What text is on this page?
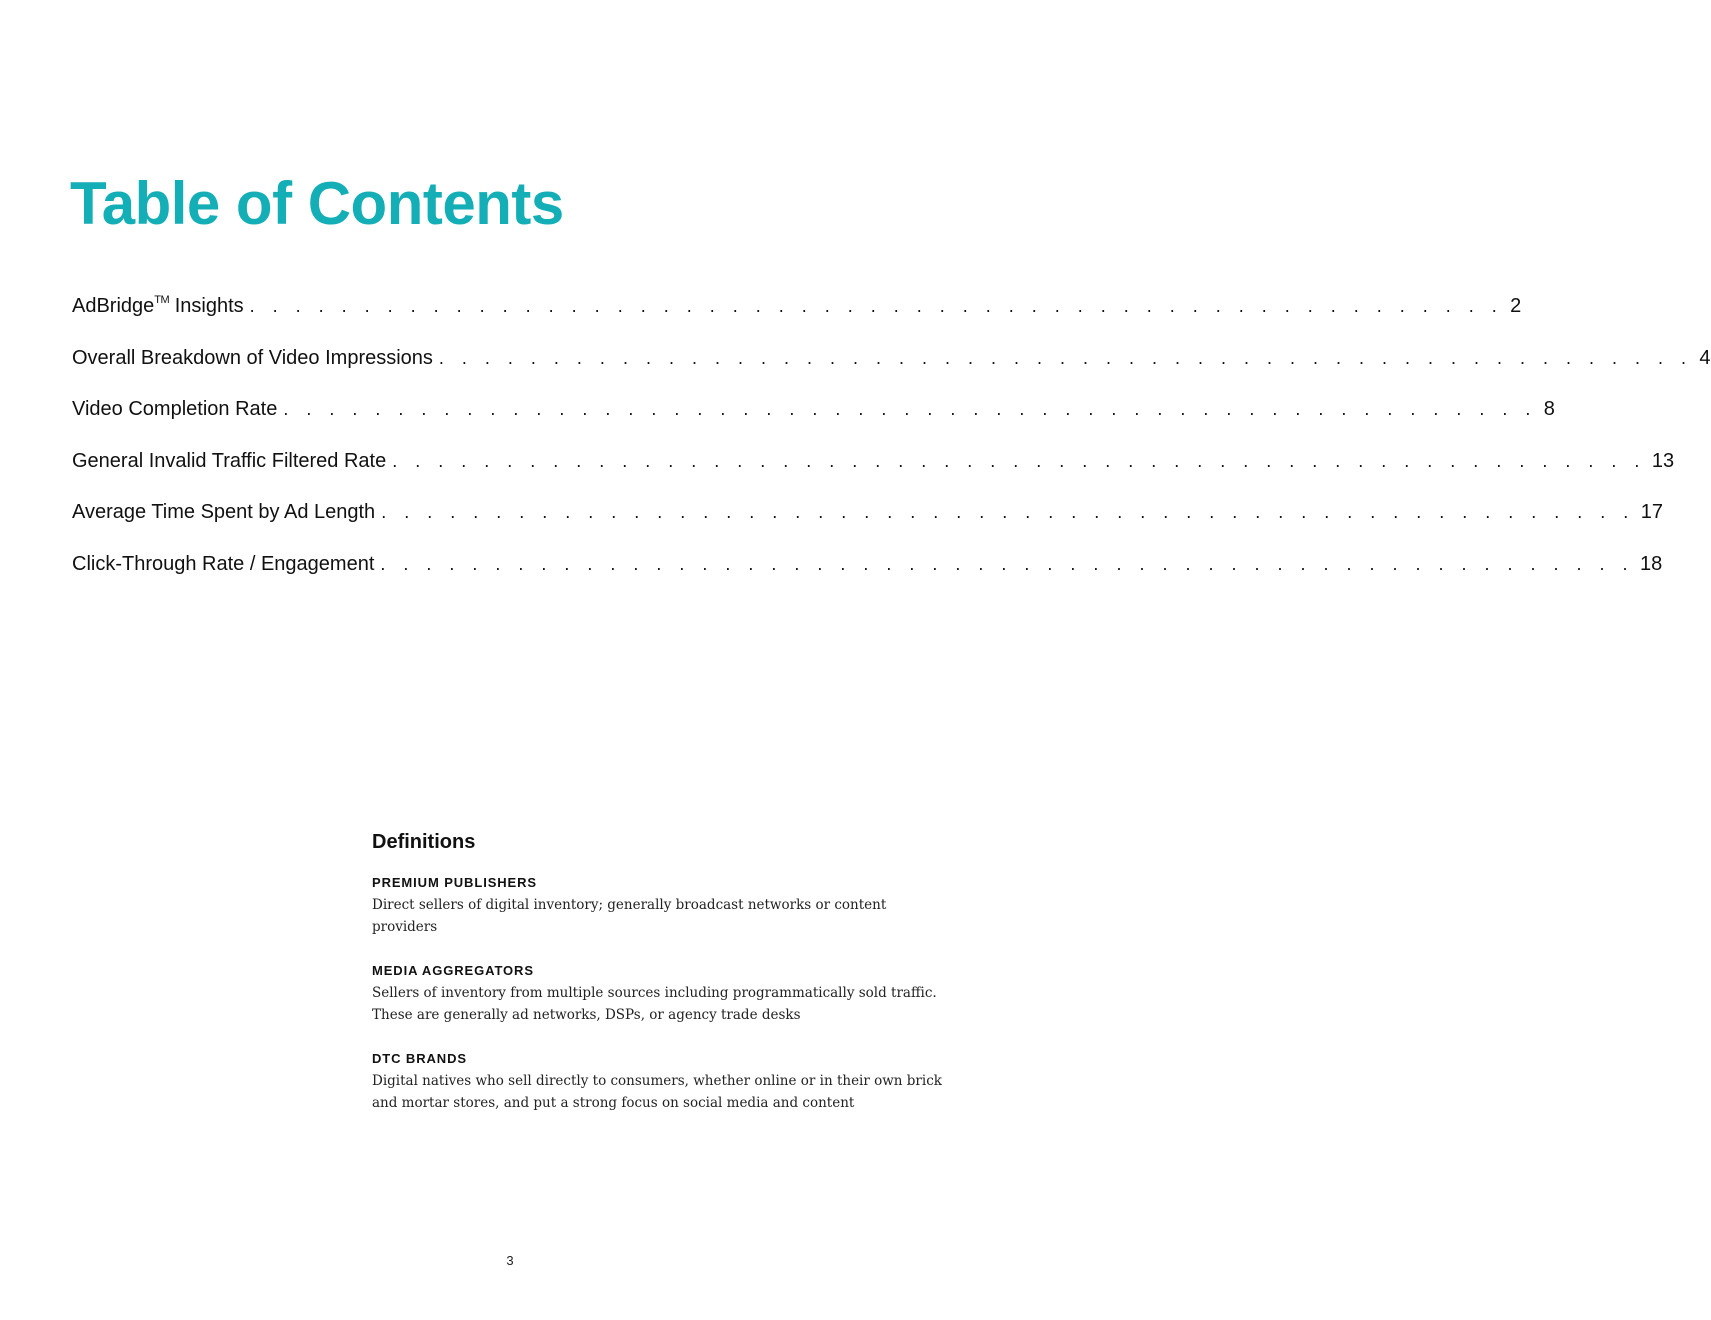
Table of Contents
AdBridge™ Insights . . . . . . . . . . . . . . . . . . . . . . . . . . . . . . . . . . . . . . . . . . . . . . . . . . . . . . . 2
Overall Breakdown of Video Impressions . . . . . . . . . . . . . . . . . . . . . . . . . . . . . . . . . . . . . . . . . . . . . . . . . . . . . . . 4
Video Completion Rate . . . . . . . . . . . . . . . . . . . . . . . . . . . . . . . . . . . . . . . . . . . . . . . . . . . . . . . 8
General Invalid Traffic Filtered Rate . . . . . . . . . . . . . . . . . . . . . . . . . . . . . . . . . . . . . . . . . . . . . . . . . . . . . . . 13
Average Time Spent by Ad Length . . . . . . . . . . . . . . . . . . . . . . . . . . . . . . . . . . . . . . . . . . . . . . . . . . . . . . . 17
Click-Through Rate / Engagement . . . . . . . . . . . . . . . . . . . . . . . . . . . . . . . . . . . . . . . . . . . . . . . . . . . . . . . 18
Definitions
PREMIUM PUBLISHERS
Direct sellers of digital inventory; generally broadcast networks or content providers
MEDIA AGGREGATORS
Sellers of inventory from multiple sources including programmatically sold traffic. These are generally ad networks, DSPs, or agency trade desks
DTC BRANDS
Digital natives who sell directly to consumers, whether online or in their own brick and mortar stores, and put a strong focus on social media and content
3
